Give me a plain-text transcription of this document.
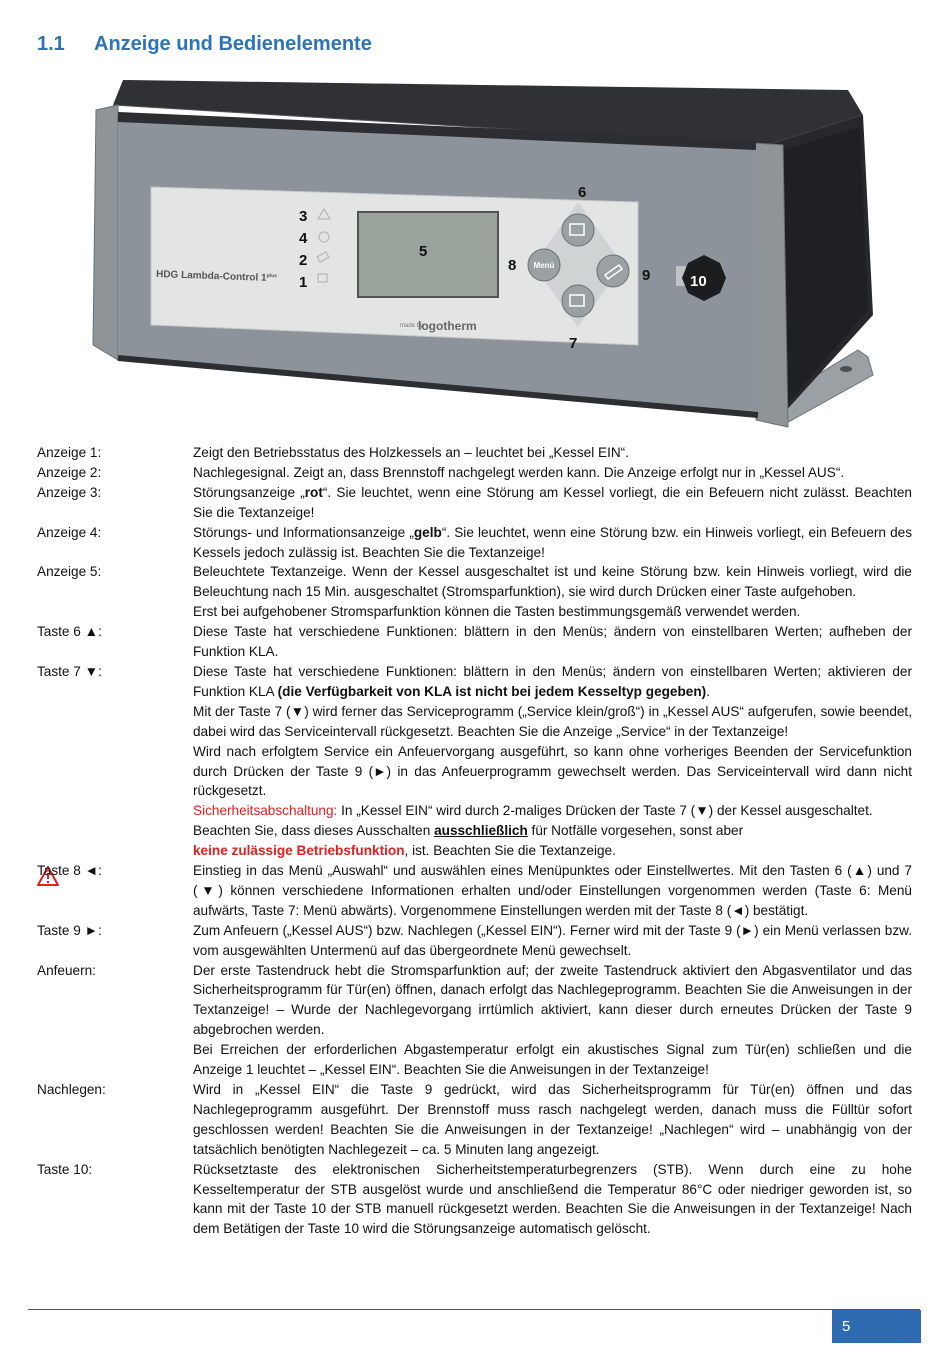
1.1 Anzeige und Bedienelemente
HDG Lambda-Control $1^{plus}$
made by
logotherm
Menü
3
4
2
1
5
6
7
8
9	10
Anzeige 1:	Zeigt den Betriebsstatus des Holzkessels an – leuchtet bei „Kessel EIN“.
Anzeige 2:	Nachlegesignal. Zeigt an, dass Brennstoff nachgelegt werden kann. Die Anzeige erfolgt nur in „Kessel AUS“.
Anzeige 3:	Störungsanzeige „rot“. Sie leuchtet, wenn eine Störung am Kessel vorliegt, die ein Befeuern nicht zulässt. Beachten Sie die Textanzeige!
Anzeige 4:	Störungs- und Informationsanzeige „gelb“. Sie leuchtet, wenn eine Störung bzw. ein Hinweis vorliegt, ein Befeuern des Kessels jedoch zulässig ist. Beachten Sie die Textanzeige!
Anzeige 5:	Beleuchtete Textanzeige. Wenn der Kessel ausgeschaltet ist und keine Störung bzw. kein Hinweis vorliegt, wird die Beleuchtung nach 15 Min. ausgeschaltet (Stromsparfunktion), sie wird durch Drücken einer Taste aufgehoben.

Erst bei aufgehobener Stromsparfunktion können die Tasten bestimmungsgemäß verwendet werden.

Taste 6 ▲:	Diese Taste hat verschiedene Funktionen: blättern in den Menüs; ändern von einstellbaren Werten; aufheben der Funktion KLA.
Taste 7 ▼:	Diese Taste hat verschiedene Funktionen: blättern in den Menüs; ändern von einstellbaren Werten; aktivieren der Funktion KLA (die Verfügbarkeit von KLA ist nicht bei jedem Kesseltyp gegeben).

Mit der Taste 7 (▼) wird ferner das Serviceprogramm („Service klein/groß“) in „Kessel AUS“ aufgerufen, sowie beendet, dabei wird das Serviceintervall rückgesetzt. Beachten Sie die Anzeige „Service“ in der Textanzeige!

Wird nach erfolgtem Service ein Anfeuervorgang ausgeführt, so kann ohne vorheriges Beenden der Servicefunktion durch Drücken der Taste 9 (►) in das Anfeuerprogramm gewechselt werden. Das Serviceintervall wird dann nicht rückgesetzt.

Sicherheitsabschaltung: In „Kessel EIN“ wird durch 2-maliges Drücken der Taste 7 (▼) der Kessel ausgeschaltet.

Beachten Sie, dass dieses Ausschalten ausschließlich für Notfälle vorgesehen, sonst aber

keine zulässige Betriebsfunktion, ist. Beachten Sie die Textanzeige.

Taste 8 ◄:	Einstieg in das Menü „Auswahl“ und auswählen eines Menüpunktes oder Einstellwertes. Mit den Tasten 6 (▲) und 7 (▼) können verschiedene Informationen erhalten und/oder Einstellungen vorgenommen werden (Taste 6: Menü aufwärts, Taste 7: Menü abwärts). Vorgenommene Einstellungen werden mit der Taste 8 (◄) bestätigt.
Taste 9 ►:	Zum Anfeuern („Kessel AUS“) bzw. Nachlegen („Kessel EIN“). Ferner wird mit der Taste 9 (►) ein Menü verlassen bzw. vom ausgewählten Untermenü auf das übergeordnete Menü gewechselt.
Anfeuern:	Der erste Tastendruck hebt die Stromsparfunktion auf; der zweite Tastendruck aktiviert den Abgasventilator und das Sicherheitsprogramm für Tür(en) öffnen, danach erfolgt das Nachlegeprogramm. Beachten Sie die Anweisungen in der Textanzeige! – Wurde der Nachlegevorgang irrtümlich aktiviert, kann dieser durch erneutes Drücken der Taste 9 abgebrochen werden.

Bei Erreichen der erforderlichen Abgastemperatur erfolgt ein akustisches Signal zum Tür(en) schließen und die Anzeige 1 leuchtet – „Kessel EIN“. Beachten Sie die Anweisungen in der Textanzeige!

Nachlegen:	Wird in „Kessel EIN“ die Taste 9 gedrückt, wird das Sicherheitsprogramm für Tür(en) öffnen und das Nachlegeprogramm ausgeführt. Der Brennstoff muss rasch nachgelegt werden, danach muss die Fülltür sofort geschlossen werden! Beachten Sie die Anweisungen in der Textanzeige! „Nachlegen“ wird – unabhängig von der tatsächlich benötigten Nachlegezeit – ca. 5 Minuten lang angezeigt.
Taste 10:	Rücksetztaste des elektronischen Sicherheitstemperaturbegrenzers (STB). Wenn durch eine zu hohe Kesseltemperatur der STB ausgelöst wurde und anschließend die Temperatur 86°C oder niedriger geworden ist, so kann mit der Taste 10 der STB manuell rückgesetzt werden. Beachten Sie die Anweisungen in der Textanzeige! Nach dem Betätigen der Taste 10 wird die Störungsanzeige automatisch gelöscht.
5
